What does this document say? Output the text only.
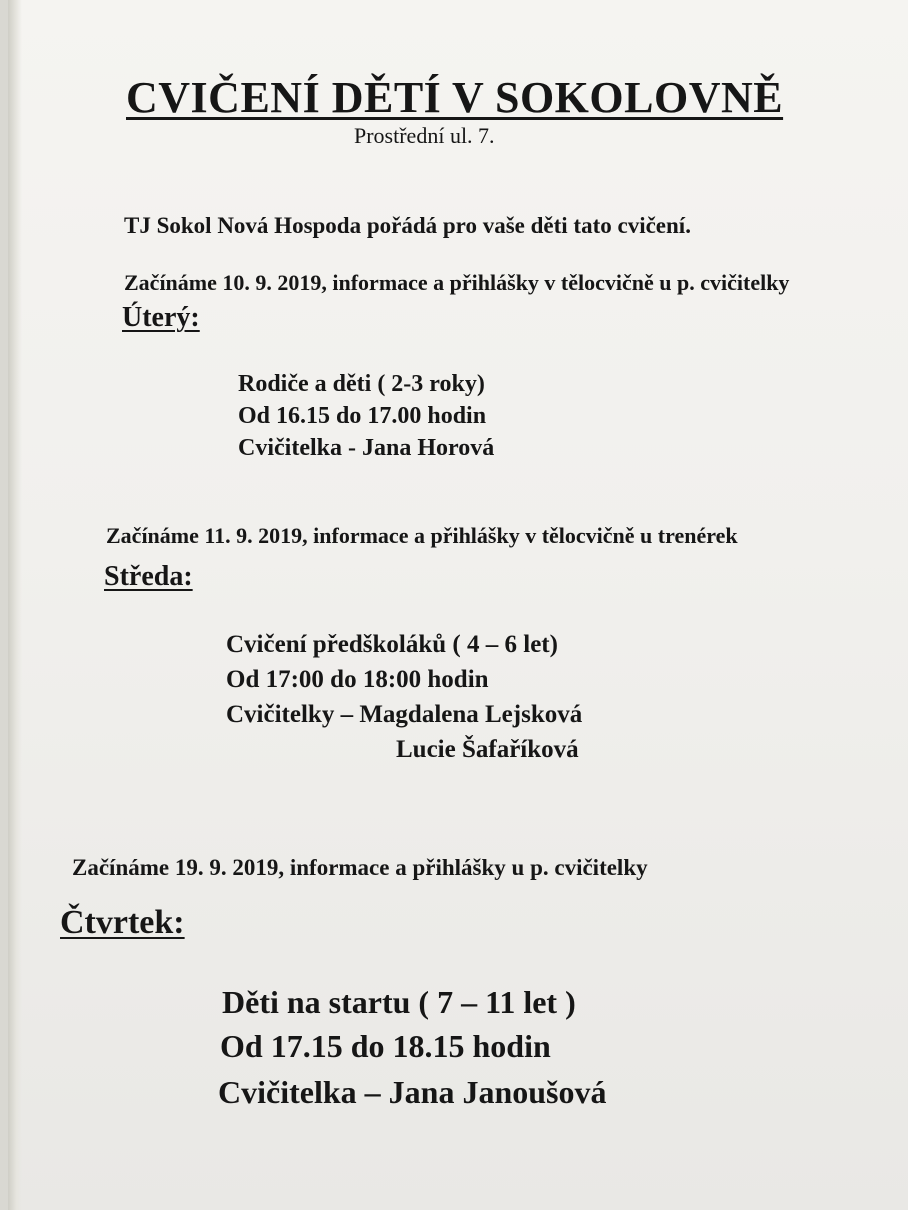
CVIČENÍ DĚTÍ V SOKOLOVNĚ
Prostřední ul. 7.
TJ Sokol Nová Hospoda pořádá pro vaše děti tato cvičení.
Začínáme 10. 9. 2019, informace a přihlášky v tělocvičně u p. cvičitelky
Úterý:
Rodiče a děti ( 2-3 roky)
Od 16.15 do 17.00 hodin
Cvičitelka - Jana Horová
Začínáme 11. 9. 2019, informace a přihlášky v tělocvičně u trenérek
Středa:
Cvičení předškoláků ( 4 – 6 let)
Od 17:00 do 18:00 hodin
Cvičitelky – Magdalena Lejsková
Lucie Šafaříková
Začínáme 19. 9. 2019, informace a přihlášky u p. cvičitelky
Čtvrtek:
Děti na startu ( 7 – 11 let )
Od 17.15 do 18.15 hodin
Cvičitelka – Jana Janoušová
